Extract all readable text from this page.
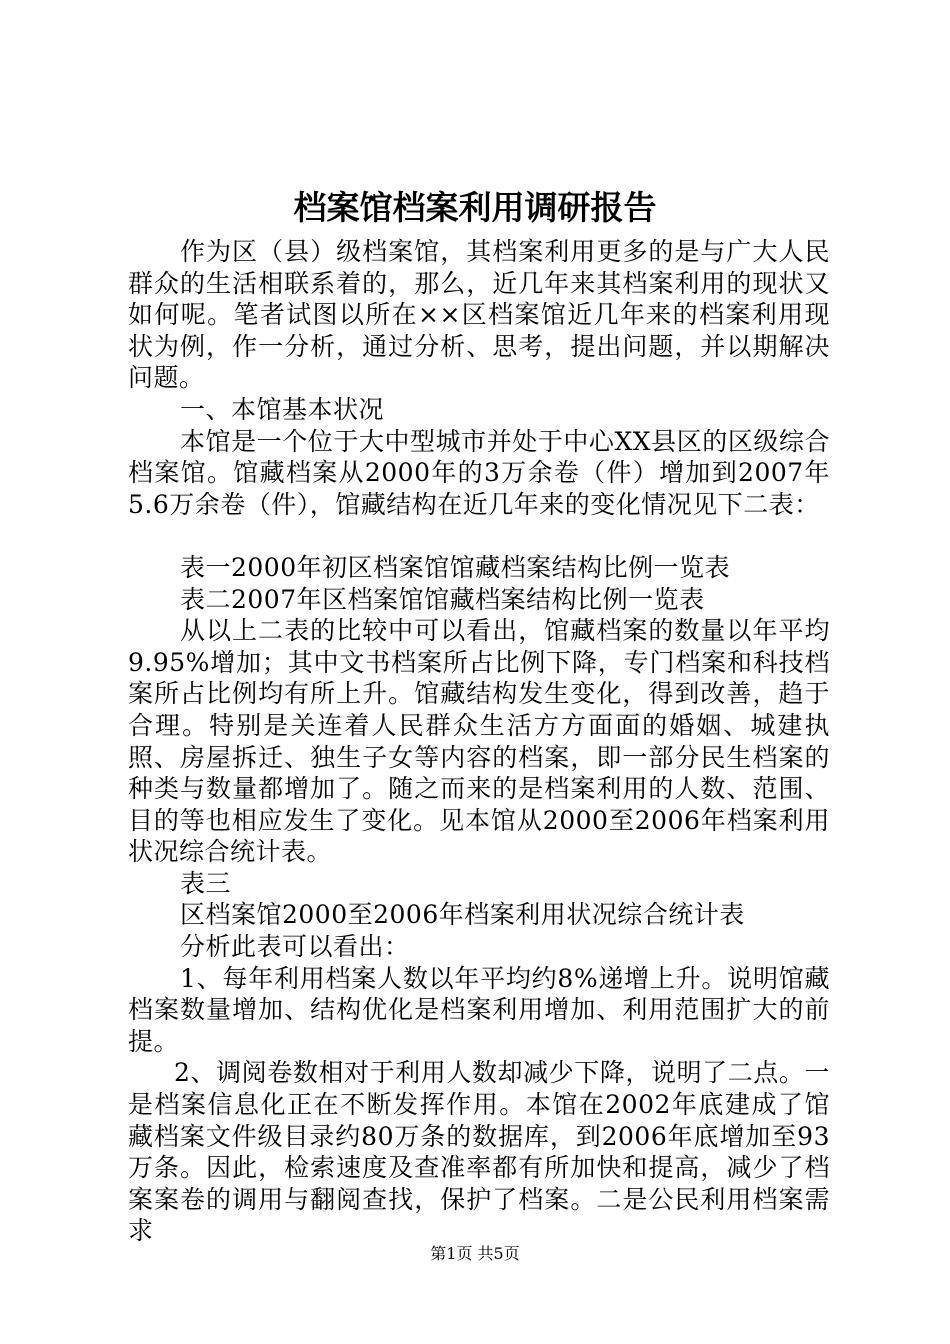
档案馆档案利用调研报告

作为区（县）级档案馆，其档案利用更多的是与广大人民群众的生活相联系着的，那么，近几年来其档案利用的现状又如何呢。笔者试图以所在××区档案馆近几年来的档案利用现状为例，作一分析，通过分析、思考，提出问题，并以期解决问题。

一、本馆基本状况

本馆是一个位于大中型城市并处于中心XX县区的区级综合档案馆。馆藏档案从2000年的3万余卷（件）增加到2007年5.6万余卷（件），馆藏结构在近几年来的变化情况见下二表：

表一2000年初区档案馆馆藏档案结构比例一览表

表二2007年区档案馆馆藏档案结构比例一览表

从以上二表的比较中可以看出，馆藏档案的数量以年平均9.95%增加；其中文书档案所占比例下降，专门档案和科技档案所占比例均有所上升。馆藏结构发生变化，得到改善，趋于合理。特别是关连着人民群众生活方方面面的婚姻、城建执照、房屋拆迁、独生子女等内容的档案，即一部分民生档案的种类与数量都增加了。随之而来的是档案利用的人数、范围、目的等也相应发生了变化。见本馆从2000至2006年档案利用状况综合统计表。

表三

区档案馆2000至2006年档案利用状况综合统计表

分析此表可以看出：

1、每年利用档案人数以年平均约8%递增上升。说明馆藏档案数量增加、结构优化是档案利用增加、利用范围扩大的前提。

2、调阅卷数相对于利用人数却减少下降，说明了二点。一是档案信息化正在不断发挥作用。本馆在2002年底建成了馆藏档案文件级目录约80万条的数据库，到2006年底增加至93万条。因此，检索速度及查准率都有所加快和提高，减少了档案案卷的调用与翻阅查找，保护了档案。二是公民利用档案需求

第1页 共5页
